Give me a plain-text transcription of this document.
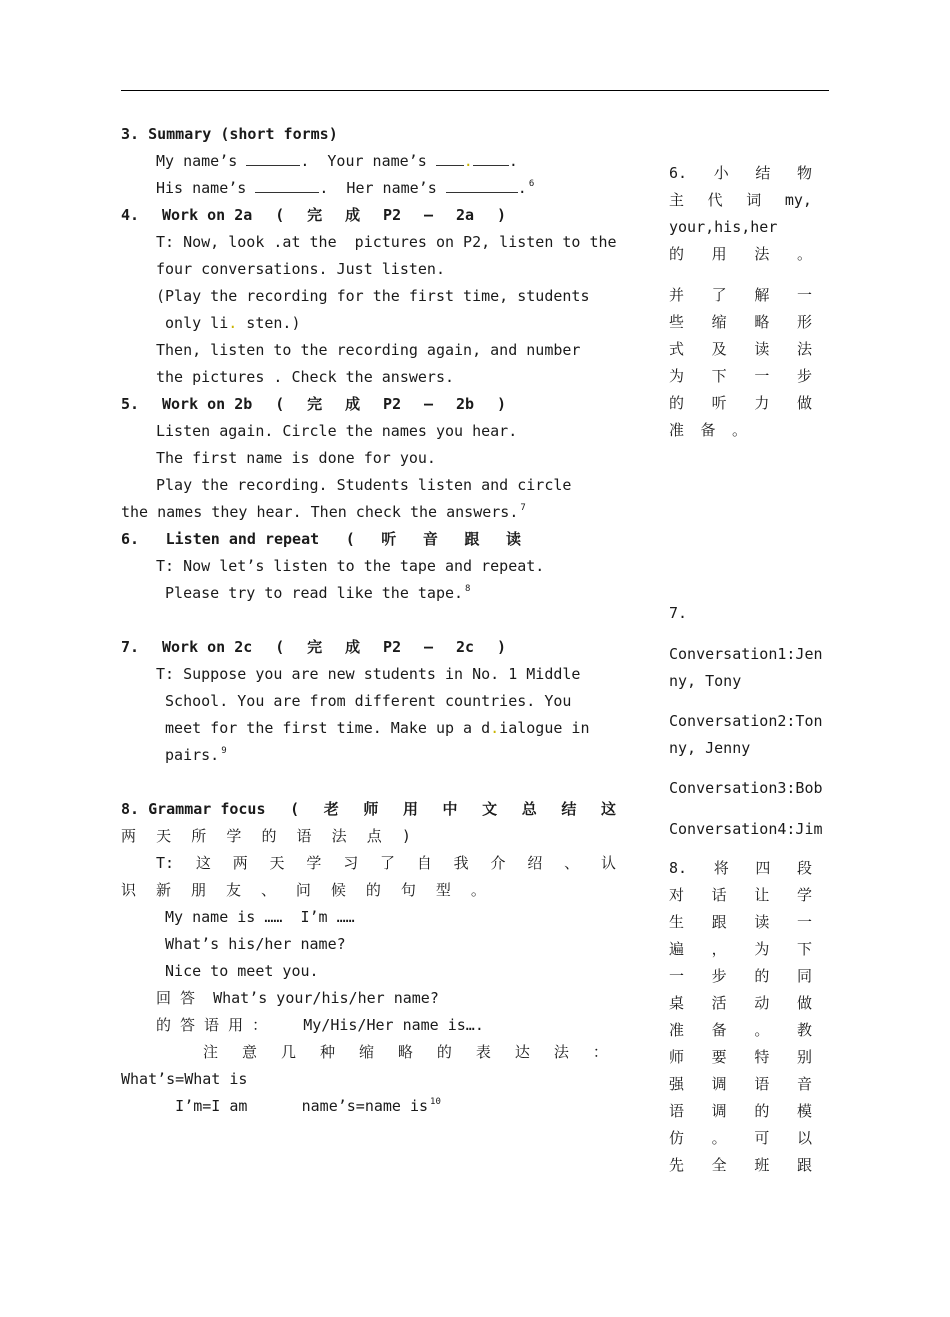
3. Summary (short forms)
My name’s	.  Your name’s . .
His name’s	.  Her name’s	. $^6$
4. Work on 2a ( 完 成 P2 — 2a )
T: Now, look .at the  pictures on P2, listen to the
four conversations. Just listen.
(Play the recording for the first time, students
only li. sten.)
Then, listen to the recording again, and number
the pictures . Check the answers.
5. Work on 2b ( 完 成 P2 — 2b )
Listen again. Circle the names you hear.
The first name is done for you.
Play the recording. Students listen and circle
the names they hear. Then check the answers. $^7$
6. Listen and repeat ( 听 音 跟 读
T: Now let’s listen to the tape and repeat.
Please try to read like the tape. $^8$
7. Work on 2c ( 完 成 P2 — 2c )
T: Suppose you are new students in No. 1 Middle
School. You are from different countries. You
meet for the first time. Make up a d.ialogue in
pairs. $^9$
8. Grammar focus ( 老 师 用 中 文 总 结 这
两 天 所 学 的 语 法 点 )
T: 这 两 天 学 习 了 自 我 介 绍 、 认
识 新 朋 友 、 问 候 的 句 型 。
My name is ……  I’m ……
What’s his/her name?
Nice to meet you.
回 答  What’s your/his/her name?
的 答 语 用 ：    My/His/Her name is….
注 意 几 种 缩 略 的 表 达 法 ：
What’s=What is
I’m=I am      name’s=name is $^{10}$
6. 小 结 物
主 代 词 my,
your, his, her
的 用 法 。
并 了 解 一
些 缩 略 形
式 及 读 法
为 下 一 步
的 听 力 做
准 备 。
7.
Conversation1:Jen
ny, Tony
Conversation2:Ton
ny, Jenny
Conversation3:Bob
Conversation4:Jim
8. 将 四 段
对 话 让 学
生 跟 读 一
遍 ， 为 下
一 步 的 同
桌 活 动 做
准 备 。 教
师 要 特 别
强 调 语 音
语 调 的 模
仿 。 可 以
先 全 班 跟
